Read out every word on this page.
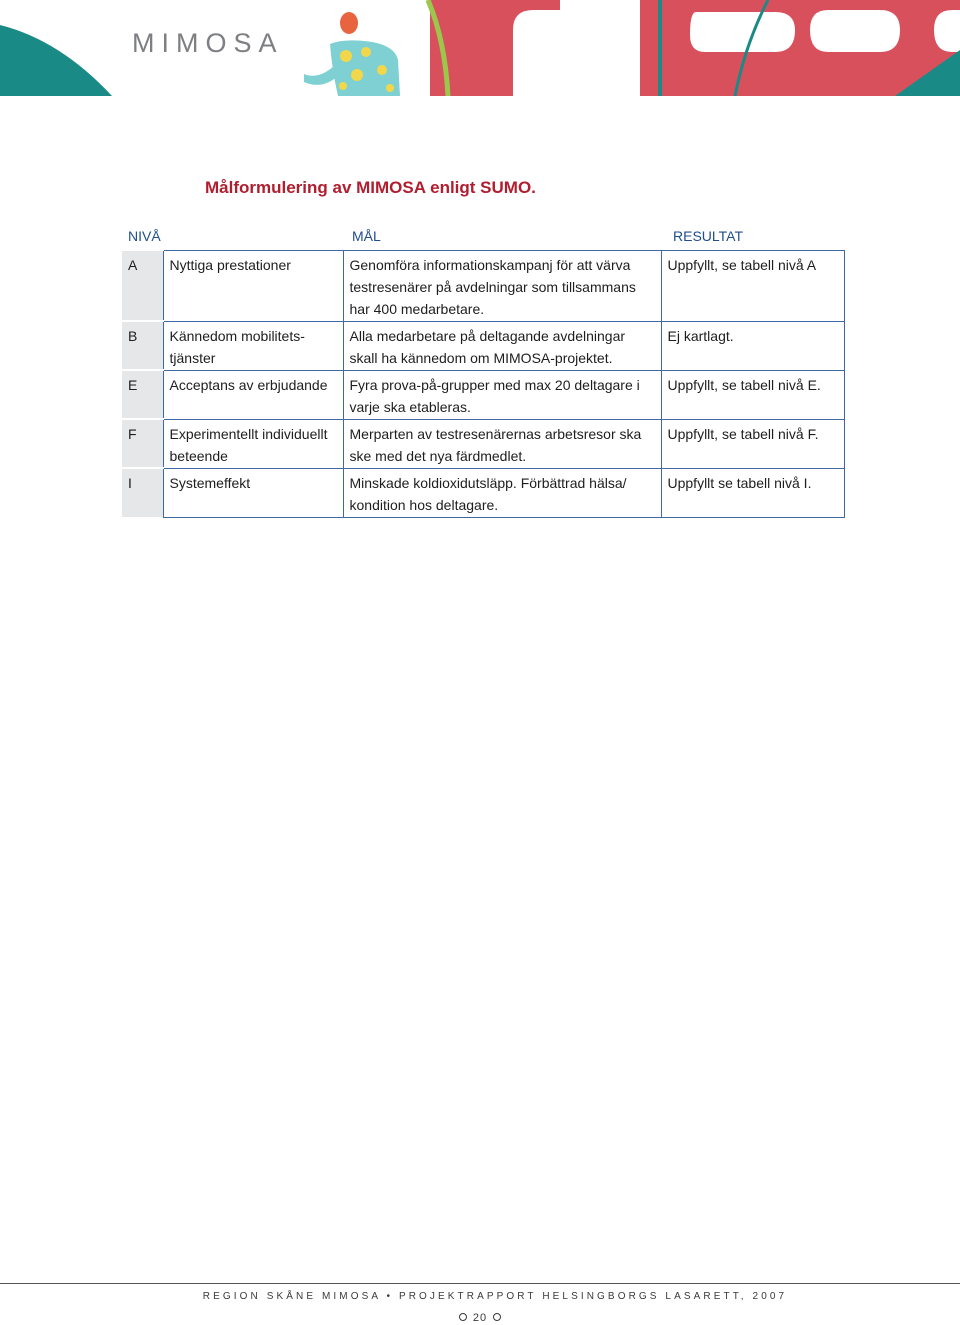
MIMOSA
Målformulering av MIMOSA enligt SUMO.
NIVÅ	MÅL	RESULTAT
A	Nyttiga prestationer	Genomföra informationskampanj för att värva testresenärer på avdelningar som tillsammans har 400 medarbetare.	Uppfyllt, se tabell nivå A
B	Kännedom mobilitets- tjänster	Alla medarbetare på deltagande avdelningar skall ha kännedom om MIMOSA-projektet.	Ej kartlagt.
E	Acceptans av erbjudande	Fyra prova-på-grupper med max 20 deltagare i varje ska etableras.	Uppfyllt, se tabell nivå E.
F	Experimentellt individuellt beteende	Merparten av testresenärernas arbetsresor ska ske med det nya färdmedlet.	Uppfyllt, se tabell nivå F.
I	Systemeffekt	Minskade koldioxidutsläpp. Förbättrad hälsa/ kondition hos deltagare.	Uppfyllt se tabell nivå I.
REGION SKÅNE MIMOSA • PROJEKTRAPPORT HELSINGBORGS LASARETT, 2007
20
